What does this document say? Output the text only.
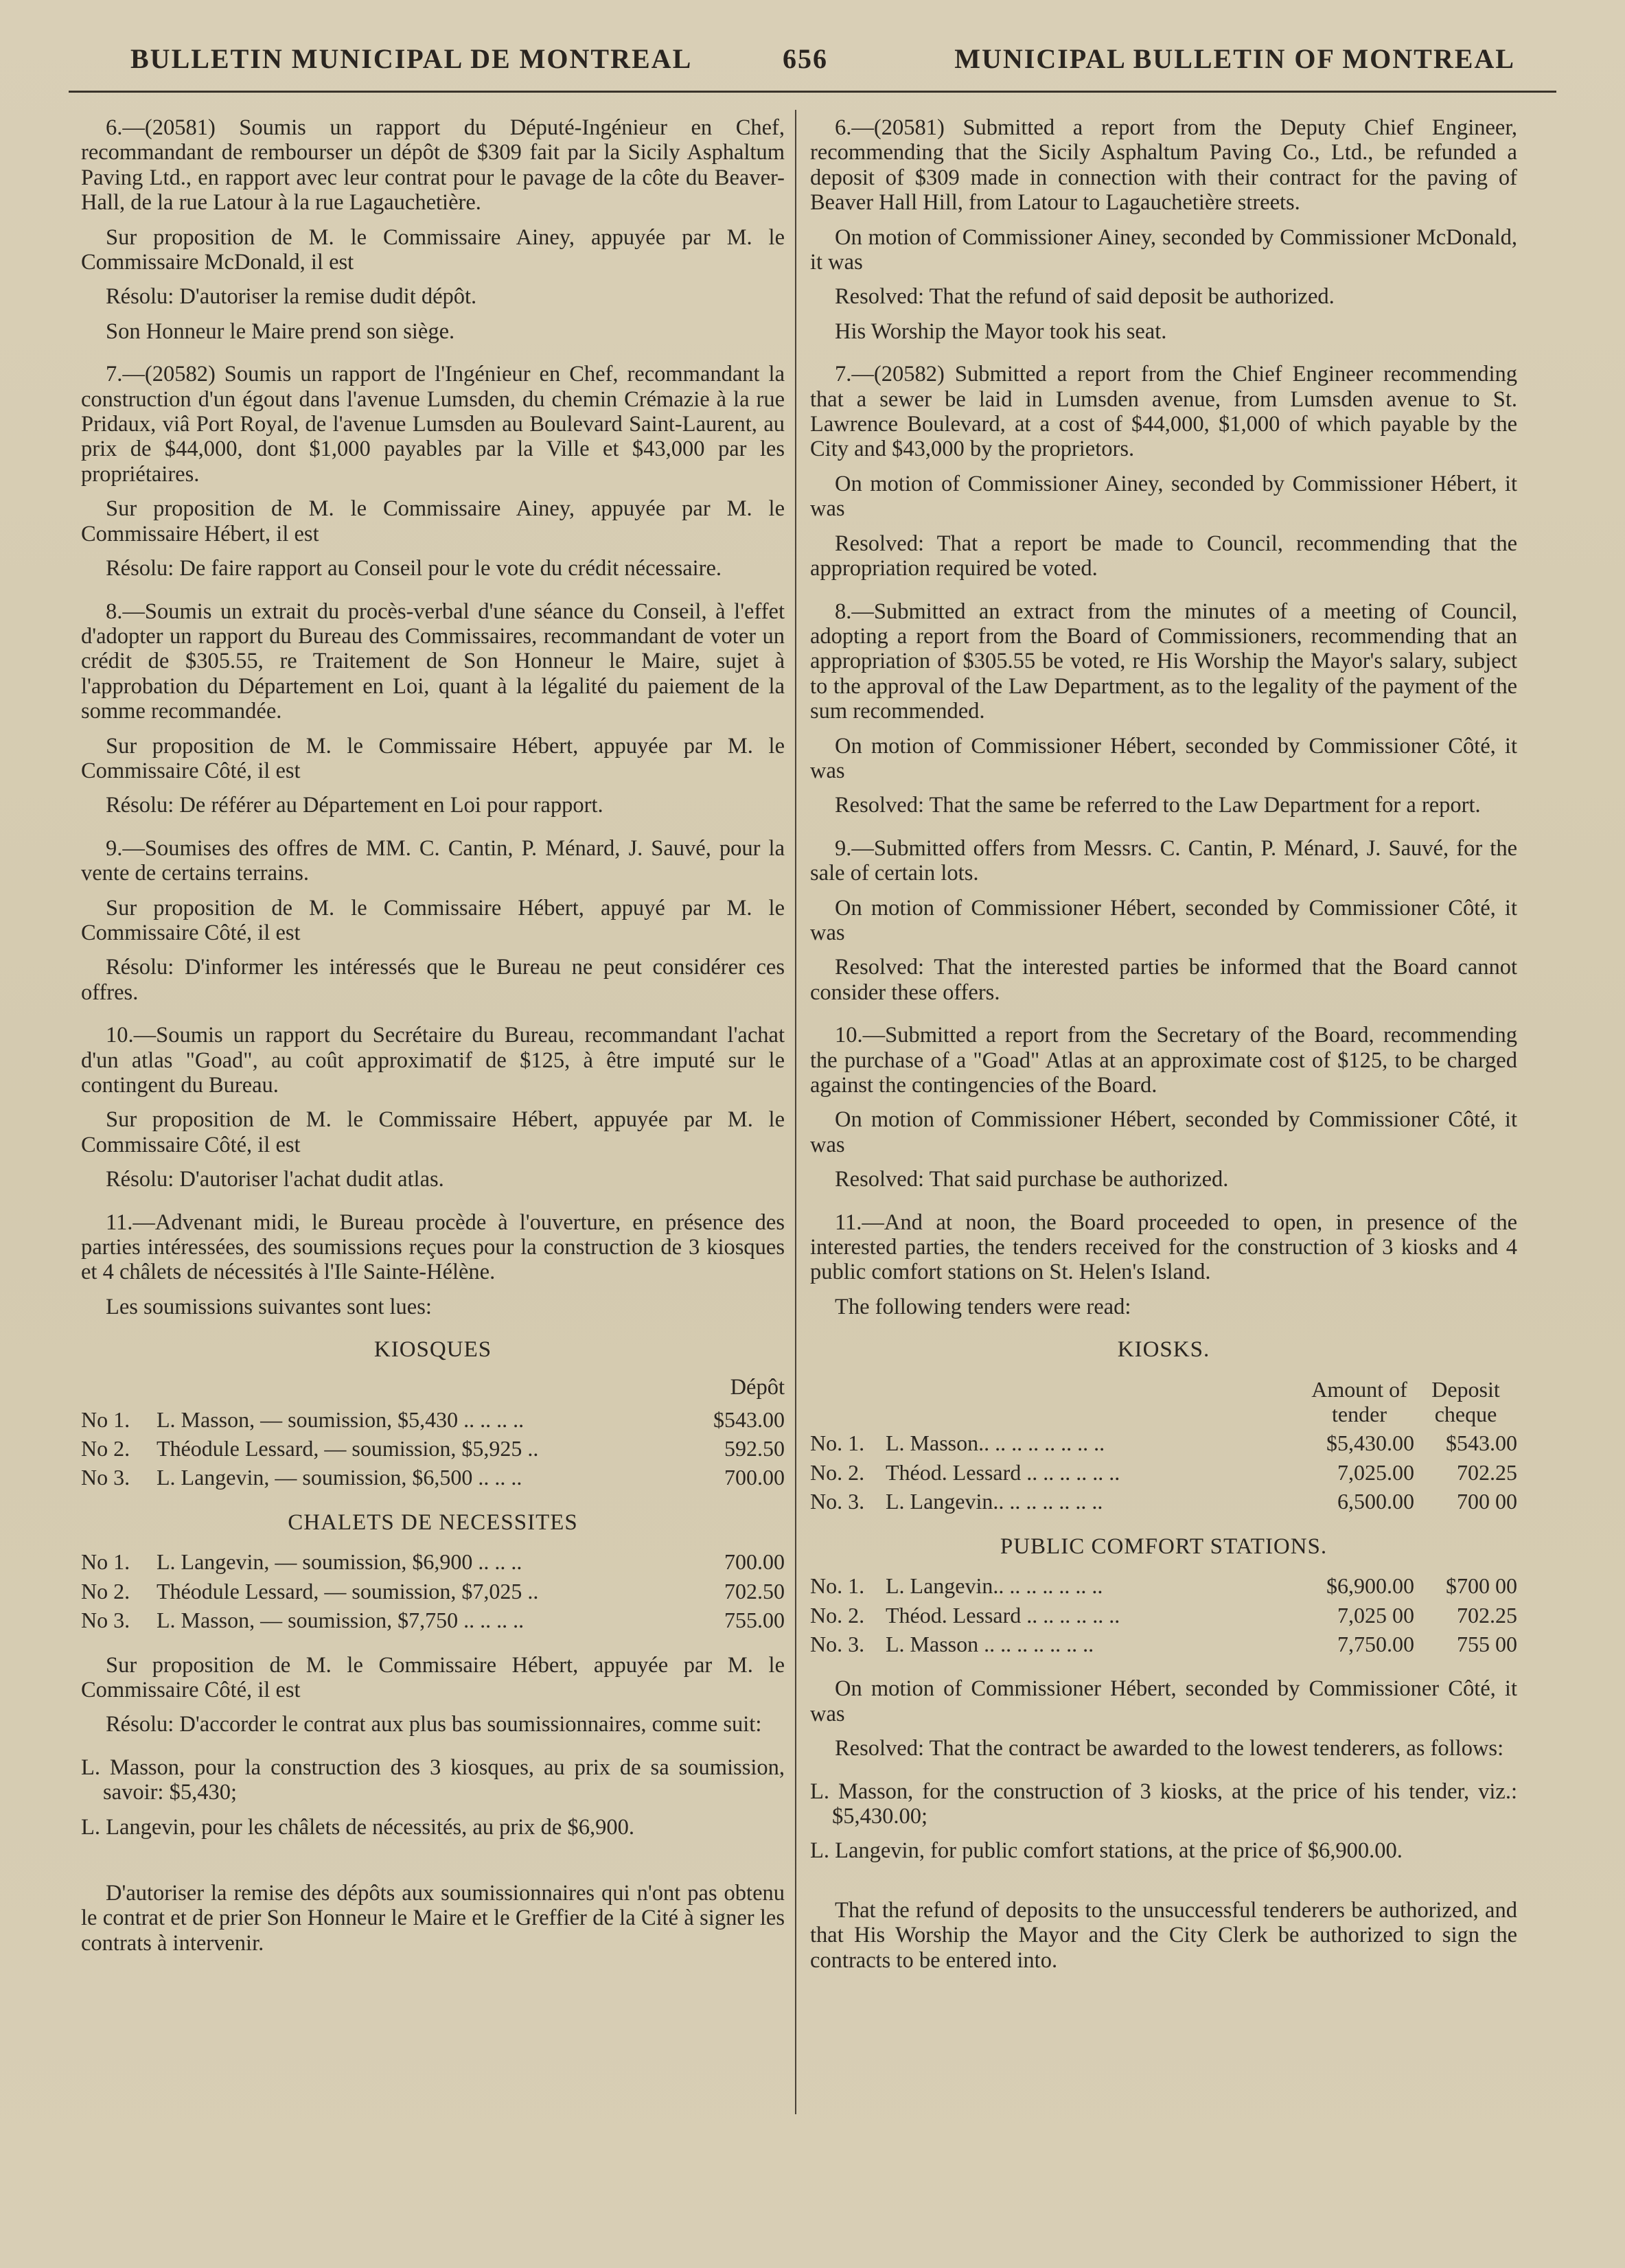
BULLETIN MUNICIPAL DE MONTREAL	656	MUNICIPAL BULLETIN OF MONTREAL

6.—(20581) Soumis un rapport du Député-Ingénieur en Chef, recommandant de rembourser un dépôt de $309 fait par la Sicily Asphaltum Paving Ltd., en rapport avec leur contrat pour le pavage de la côte du Beaver-Hall, de la rue Latour à la rue Lagauchetière.

Sur proposition de M. le Commissaire Ainey, appuyée par M. le Commissaire McDonald, il est

Résolu: D'autoriser la remise dudit dépôt.

Son Honneur le Maire prend son siège.

7.—(20582) Soumis un rapport de l'Ingénieur en Chef, recommandant la construction d'un égout dans l'avenue Lumsden, du chemin Crémazie à la rue Pridaux, viâ Port Royal, de l'avenue Lumsden au Boulevard Saint-Laurent, au prix de $44,000, dont $1,000 payables par la Ville et $43,000 par les propriétaires.

Sur proposition de M. le Commissaire Ainey, appuyée par M. le Commissaire Hébert, il est

Résolu: De faire rapport au Conseil pour le vote du crédit nécessaire.

8.—Soumis un extrait du procès-verbal d'une séance du Conseil, à l'effet d'adopter un rapport du Bureau des Commissaires, recommandant de voter un crédit de $305.55, re Traitement de Son Honneur le Maire, sujet à l'approbation du Département en Loi, quant à la légalité du paiement de la somme recommandée.

Sur proposition de M. le Commissaire Hébert, appuyée par M. le Commissaire Côté, il est

Résolu: De référer au Département en Loi pour rapport.

9.—Soumises des offres de MM. C. Cantin, P. Ménard, J. Sauvé, pour la vente de certains terrains.

Sur proposition de M. le Commissaire Hébert, appuyé par M. le Commissaire Côté, il est

Résolu: D'informer les intéressés que le Bureau ne peut considérer ces offres.

10.—Soumis un rapport du Secrétaire du Bureau, recommandant l'achat d'un atlas "Goad", au coût approximatif de $125, à être imputé sur le contingent du Bureau.

Sur proposition de M. le Commissaire Hébert, appuyée par M. le Commissaire Côté, il est

Résolu: D'autoriser l'achat dudit atlas.

11.—Advenant midi, le Bureau procède à l'ouverture, en présence des parties intéressées, des soumissions reçues pour la construction de 3 kiosques et 4 châlets de nécessités à l'Ile Sainte-Hélène.

Les soumissions suivantes sont lues:

KIOSQUES
Dépôt
No 1.	L. Masson, — soumission, $5,430 .. .. .. ..	$543.00
No 2.	Théodule Lessard, — soumission, $5,925 ..	592.50
No 3.	L. Langevin, — soumission, $6,500 .. .. ..	700.00
CHALETS DE NECESSITES
No 1.	L. Langevin, — soumission, $6,900 .. .. ..	700.00
No 2.	Théodule Lessard, — soumission, $7,025 ..	702.50
No 3.	L. Masson, — soumission, $7,750 .. .. .. ..	755.00

Sur proposition de M. le Commissaire Hébert, appuyée par M. le Commissaire Côté, il est

Résolu: D'accorder le contrat aux plus bas soumissionnaires, comme suit:

L. Masson, pour la construction des 3 kiosques, au prix de sa soumission, savoir: $5,430;

L. Langevin, pour les châlets de nécessités, au prix de $6,900.

D'autoriser la remise des dépôts aux soumissionnaires qui n'ont pas obtenu le contrat et de prier Son Honneur le Maire et le Greffier de la Cité à signer les contrats à intervenir.

6.—(20581) Submitted a report from the Deputy Chief Engineer, recommending that the Sicily Asphaltum Paving Co., Ltd., be refunded a deposit of $309 made in connection with their contract for the paving of Beaver Hall Hill, from Latour to Lagauchetière streets.

On motion of Commissioner Ainey, seconded by Commissioner McDonald, it was

Resolved: That the refund of said deposit be authorized.

His Worship the Mayor took his seat.

7.—(20582) Submitted a report from the Chief Engineer recommending that a sewer be laid in Lumsden avenue, from Lumsden avenue to St. Lawrence Boulevard, at a cost of $44,000, $1,000 of which payable by the City and $43,000 by the proprietors.

On motion of Commissioner Ainey, seconded by Commissioner Hébert, it was

Resolved: That a report be made to Council, recommending that the appropriation required be voted.

8.—Submitted an extract from the minutes of a meeting of Council, adopting a report from the Board of Commissioners, recommending that an appropriation of $305.55 be voted, re His Worship the Mayor's salary, subject to the approval of the Law Department, as to the legality of the payment of the sum recommended.

On motion of Commissioner Hébert, seconded by Commissioner Côté, it was

Resolved: That the same be referred to the Law Department for a report.

9.—Submitted offers from Messrs. C. Cantin, P. Ménard, J. Sauvé, for the sale of certain lots.

On motion of Commissioner Hébert, seconded by Commissioner Côté, it was

Resolved: That the interested parties be informed that the Board cannot consider these offers.

10.—Submitted a report from the Secretary of the Board, recommending the purchase of a "Goad" Atlas at an approximate cost of $125, to be charged against the contingencies of the Board.

On motion of Commissioner Hébert, seconded by Commissioner Côté, it was

Resolved: That said purchase be authorized.

11.—And at noon, the Board proceeded to open, in presence of the interested parties, the tenders received for the construction of 3 kiosks and 4 public comfort stations on St. Helen's Island.

The following tenders were read:

KIOSKS.
		Amount of tender	Deposit cheque
No. 1.	L. Masson.. .. .. .. .. .. .. ..	$5,430.00	$543.00
No. 2.	Théod. Lessard .. .. .. .. .. ..	7,025.00	702.25
No. 3.	L. Langevin.. .. .. .. .. .. ..	6,500.00	700 00
PUBLIC COMFORT STATIONS.
No. 1.	L. Langevin.. .. .. .. .. .. ..	$6,900.00	$700 00
No. 2.	Théod. Lessard .. .. .. .. .. ..	7,025 00	702.25
No. 3.	L. Masson .. .. .. .. .. .. ..	7,750.00	755 00

On motion of Commissioner Hébert, seconded by Commissioner Côté, it was

Resolved: That the contract be awarded to the lowest tenderers, as follows:

L. Masson, for the construction of 3 kiosks, at the price of his tender, viz.: $5,430.00;

L. Langevin, for public comfort stations, at the price of $6,900.00.

That the refund of deposits to the unsuccessful tenderers be authorized, and that His Worship the Mayor and the City Clerk be authorized to sign the contracts to be entered into.
